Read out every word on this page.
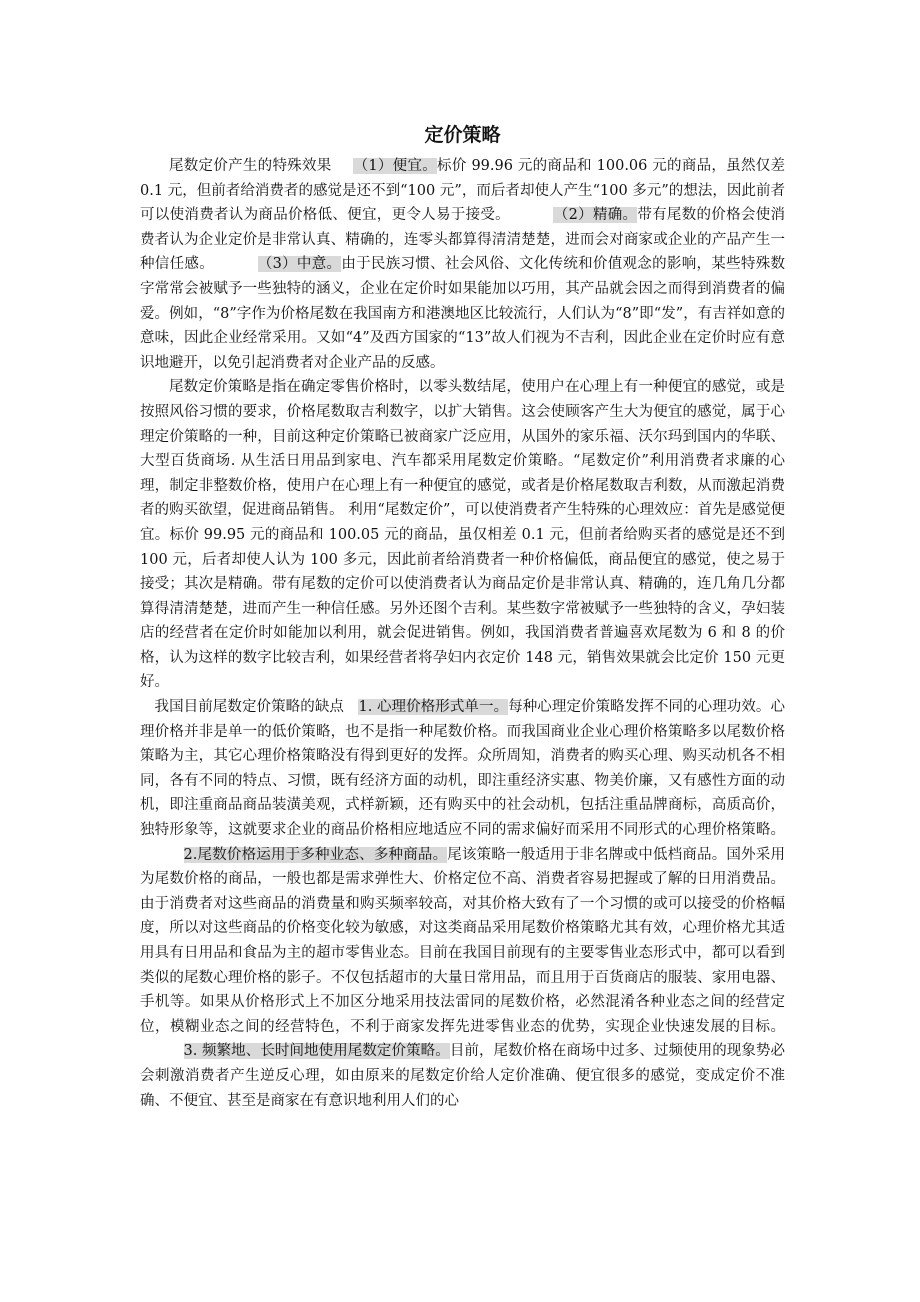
定价策略

尾数定价产生的特殊效果 （1）便宜。标价 99.96 元的商品和 100.06 元的商品，虽然仅差 0.1 元，但前者给消费者的感觉是还不到“100 元”，而后者却使人产生“100 多元”的想法，因此前者可以使消费者认为商品价格低、便宜，更令人易于接受。	（2）精确。带有尾数的价格会使消费者认为企业定价是非常认真、精确的，连零头都算得清清楚楚，进而会对商家或企业的产品产生一种信任感。	（3）中意。由于民族习惯、社会风俗、文化传统和价值观念的影响，某些特殊数字常常会被赋予一些独特的涵义，企业在定价时如果能加以巧用，其产品就会因之而得到消费者的偏爱。例如，“8”字作为价格尾数在我国南方和港澳地区比较流行，人们认为“8”即“发”，有吉祥如意的意味，因此企业经常采用。又如“4”及西方国家的“13”故人们视为不吉利，因此企业在定价时应有意识地避开，以免引起消费者对企业产品的反感。

尾数定价策略是指在确定零售价格时，以零头数结尾，使用户在心理上有一种便宜的感觉，或是按照风俗习惯的要求，价格尾数取吉利数字，以扩大销售。这会使顾客产生大为便宜的感觉，属于心理定价策略的一种，目前这种定价策略已被商家广泛应用，从国外的家乐福、沃尔玛到国内的华联、大型百货商场. 从生活日用品到家电、汽车都采用尾数定价策略。“尾数定价”利用消费者求廉的心理，制定非整数价格，使用户在心理上有一种便宜的感觉，或者是价格尾数取吉利数，从而激起消费者的购买欲望，促进商品销售。 利用“尾数定价”，可以使消费者产生特殊的心理效应：首先是感觉便宜。标价 99.95 元的商品和 100.05 元的商品，虽仅相差 0.1 元，但前者给购买者的感觉是还不到 100 元，后者却使人认为 100 多元，因此前者给消费者一种价格偏低，商品便宜的感觉，使之易于接受；其次是精确。带有尾数的定价可以使消费者认为商品定价是非常认真、精确的，连几角几分都算得清清楚楚，进而产生一种信任感。另外还图个吉利。某些数字常被赋予一些独特的含义，孕妇装店的经营者在定价时如能加以利用，就会促进销售。例如，我国消费者普遍喜欢尾数为 6 和 8 的价格，认为这样的数字比较吉利，如果经营者将孕妇内衣定价 148 元，销售效果就会比定价 150 元更好。

我国目前尾数定价策略的缺点 1. 心理价格形式单一。每种心理定价策略发挥不同的心理功效。心理价格并非是单一的低价策略，也不是指一种尾数价格。而我国商业企业心理价格策略多以尾数价格策略为主，其它心理价格策略没有得到更好的发挥。众所周知，消费者的购买心理、购买动机各不相同，各有不同的特点、习惯，既有经济方面的动机，即注重经济实惠、物美价廉，又有感性方面的动机，即注重商品商品装潢美观，式样新颖，还有购买中的社会动机，包括注重品牌商标，高质高价，独特形象等，这就要求企业的商品价格相应地适应不同的需求偏好而采用不同形式的心理价格策略。2.尾数价格运用于多种业态、多种商品。尾该策略一般适用于非名牌或中低档商品。国外采用为尾数价格的商品，一般也都是需求弹性大、价格定位不高、消费者容易把握或了解的日用消费品。由于消费者对这些商品的消费量和购买频率较高，对其价格大致有了一个习惯的或可以接受的价格幅度，所以对这些商品的价格变化较为敏感，对这类商品采用尾数价格策略尤其有效，心理价格尤其适用具有日用品和食品为主的超市零售业态。目前在我国目前现有的主要零售业态形式中，都可以看到类似的尾数心理价格的影子。不仅包括超市的大量日常用品，而且用于百货商店的服装、家用电器、手机等。如果从价格形式上不加区分地采用技法雷同的尾数价格，必然混淆各种业态之间的经营定位，模糊业态之间的经营特色，不利于商家发挥先进零售业态的优势，实现企业快速发展的目标。3. 频繁地、长时间地使用尾数定价策略。目前，尾数价格在商场中过多、过频使用的现象势必会刺激消费者产生逆反心理，如由原来的尾数定价给人定价准确、便宜很多的感觉，变成定价不准确、不便宜、甚至是商家在有意识地利用人们的心
